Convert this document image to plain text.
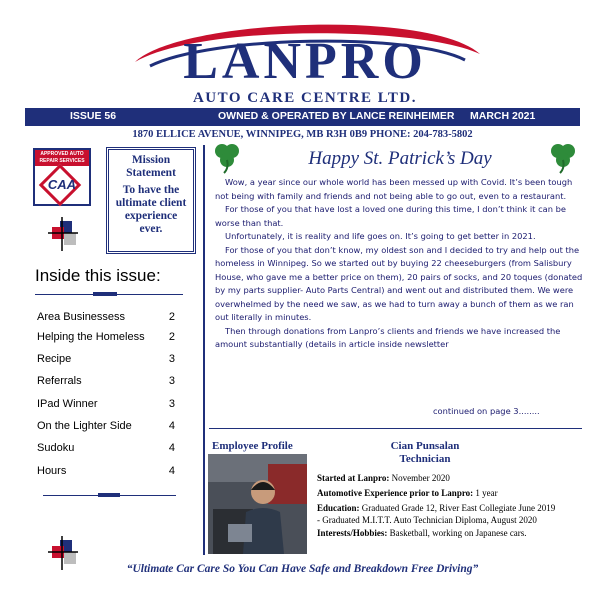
LANPRO
AUTO CARE CENTRE LTD.
ISSUE 56	OWNED & OPERATED BY LANCE REINHEIMER MARCH 2021
1870 ELLICE AVENUE, WINNIPEG, MB R3H 0B9 PHONE: 204-783-5802
APPROVED AUTO REPAIR SERVICES
CAA
Mission Statement
To have the ultimate client experience ever.
Inside this issue:
Area Businessess	2
Helping the Homeless 2
Recipe	3
Referrals	3
IPad Winner	3
On the Lighter Side	4
Sudoku	4
Hours	4
Happy St. Patrick’s Day

Wow, a year since our whole world has been messed up with Covid. It’s been tough not being with family and friends and not being able to go out, even to a restaurant.

For those of you that have lost a loved one during this time, I don’t think it can be worse than that.

Unfortunately, it is reality and life goes on. It’s going to get better in 2021.

For those of you that don’t know, my oldest son and I decided to try and help out the homeless in Winnipeg. So we started out by buying 22 cheeseburgers (from Salisbury House, who gave me a better price on them), 20 pairs of socks, and 20 toques (donated by my parts supplier- Auto Parts Central) and went out and distributed them. We were overwhelmed by the need we saw, as we had to turn away a bunch of them as we ran out literally in minutes.

Then through donations from Lanpro’s clients and friends we have increased the amount substantially (details in article inside newsletter

continued on page 3........
Employee Profile	Cian Punsalan
Technician
Started at Lanpro: November 2020
Automotive Experience prior to Lanpro: 1 year
Education: Graduated Grade 12, River East Collegiate June 2019
- Graduated M.I.T.T. Auto Technician Diploma, August 2020
Interests/Hobbies: Basketball, working on Japanese cars.
“Ultimate Car Care So You Can Have Safe and Breakdown Free Driving”
